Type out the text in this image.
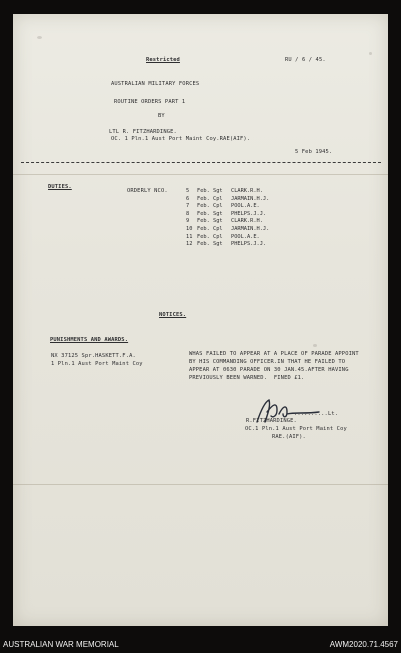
Restricted	RU / 6 / 45.
AUSTRALIAN MILITARY FORCES
ROUTINE ORDERS PART 1
BY
LTL R. FITZHARDINGE.
OC. 1 Pln.1 Aust Port Maint Coy.RAE(AIF).
5 Feb 1945.
DUTIES.
ORDERLY NCO.	5 Feb. Sgt CLARK.R.H.
6 Feb. Cpl JARMAIN.H.J.
7 Feb. Cpl POOL.A.E.
8 Feb. Sgt PHELPS.J.J.
9 Feb. Sgt CLARK.R.H.
10 Feb. Cpl JARMAIN.H.J.
11 Feb. Cpl POOL.A.E.
12 Feb. Sgt PHELPS.J.J.
NOTICES.
PUNISHMENTS AND AWARDS.
NX 37125 Spr.HASKETT.F.A.
1 Pln.1 Aust Port Maint Coy
WHAS FAILED TO APPEAR AT A PLACE OF PARADE APPOINT
BY HIS COMMANDING OFFICER.IN THAT HE FAILED TO
APPEAR AT 0630 PARADE ON 30 JAN.45.AFTER HAVING
PREVIOUSLY BEEN WARNED.  FINED £1.
..........Lt.
R.FITZHARDINGE.
OC.1 Pln.1 Aust Port Maint Coy
RAE.(AIF).
AUSTRALIAN WAR MEMORIAL	AWM2020.71.4567
